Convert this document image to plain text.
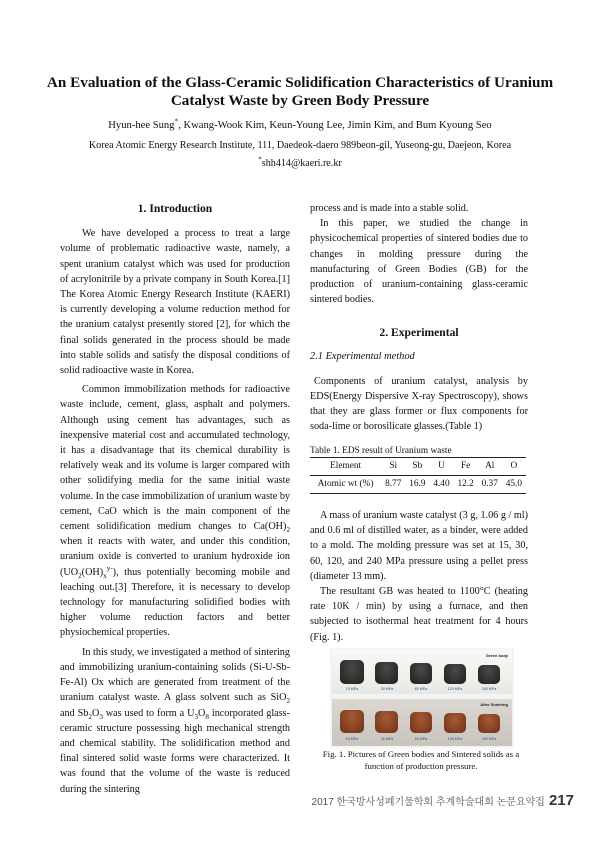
An Evaluation of the Glass-Ceramic Solidification Characteristics of Uranium Catalyst Waste by Green Body Pressure
Hyun-hee Sung*, Kwang-Wook Kim, Keun-Young Lee, Jimin Kim, and Bum Kyoung Seo
Korea Atomic Energy Research Institute, 111, Daedeok-daero 989beon-gil, Yuseong-gu, Daejeon, Korea
*shh414@kaeri.re.kr
1. Introduction

We have developed a process to treat a large volume of problematic radioactive waste, namely, a spent uranium catalyst which was used for production of acrylonitrile by a private company in South Korea.[1] The Korea Atomic Energy Research Institute (KAERI) is currently developing a volume reduction method for the uranium catalyst presently stored [2], for which the final solids generated in the process should be made into stable solids and satisfy the disposal conditions of solid radioactive waste in Korea.

Common immobilization methods for radioactive waste include, cement, glass, asphalt and polymers. Although using cement has advantages, such as inexpensive material cost and accumulated technology, it has a disadvantage that its chemical durability is relatively weak and its volume is larger compared with other solidifying media for the same initial waste volume. In the case immobilization of uranium waste by cement, CaO which is the main component of the cement solidification medium changes to $Ca(OH)_2$ when it reacts with water, and under this condition, uranium oxide is converted to uranium hydroxide ion $(UO_2(OH)_x^{y-})$, thus potentially becoming mobile and leaching out.[3] Therefore, it is necessary to develop technology for manufacturing solidified bodies with higher volume reduction factors and better physiochemical properties.

In this study, we investigated a method of sintering and immobilizing uranium-containing solids (Si-U-Sb-Fe-Al) Ox which are generated from treatment of the uranium catalyst waste. A glass solvent such as SiO$_2$ and $Sb_2O_3$ was used to form a $U_3O_8$ incorporated glass-ceramic structure possessing high mechanical strength and chemical stability. The solidification method and final sintered solid waste forms were characterized. It was found that the volume of the waste is reduced during the sintering

process and is made into a stable solid.

In this paper, we studied the change in physicochemical properties of sintered bodies due to changes in molding pressure during the manufacturing of Green Bodies (GB) for the production of uranium-containing glass-ceramic sintered bodies.

2. Experimental
2.1 Experimental method

Components of uranium catalyst, analysis by EDS(Energy Dispersive X-ray Spectroscopy), shows that they are glass former or flux components for soda-lime or borosilicate glasses.(Table 1)

Table 1. EDS result of Uranium waste
Element	Si	Sb	U	Fe	Al	O
Atomic wt (%)	8.77	16.9	4.40	12.2	0.37	45.0

A mass of uranium waste catalyst (3 g, 1.06 g / ml) and 0.6 ml of distilled water, as a binder, were added to a mold. The molding pressure was set at 15, 30, 60, 120, and 240 MPa pressure using a pellet press (diameter 13 mm).

The resultant GB was heated to 1100°C (heating rate 10K / min) by using a furnace, and then subjected to isothermal heat treatment for 4 hours (Fig. 1).

Green body
15 MPa	30 MPa	60 MPa	120 MPa	240 MPa
After Sintering
15 MPa	30 MPa	60 MPa	120 MPa	240 MPa
Fig. 1. Pictures of Green bodies and Sintered solids as a
function of production pressure.
2017 한국방사성폐기물학회 추계학술대회 논문요약집 217
